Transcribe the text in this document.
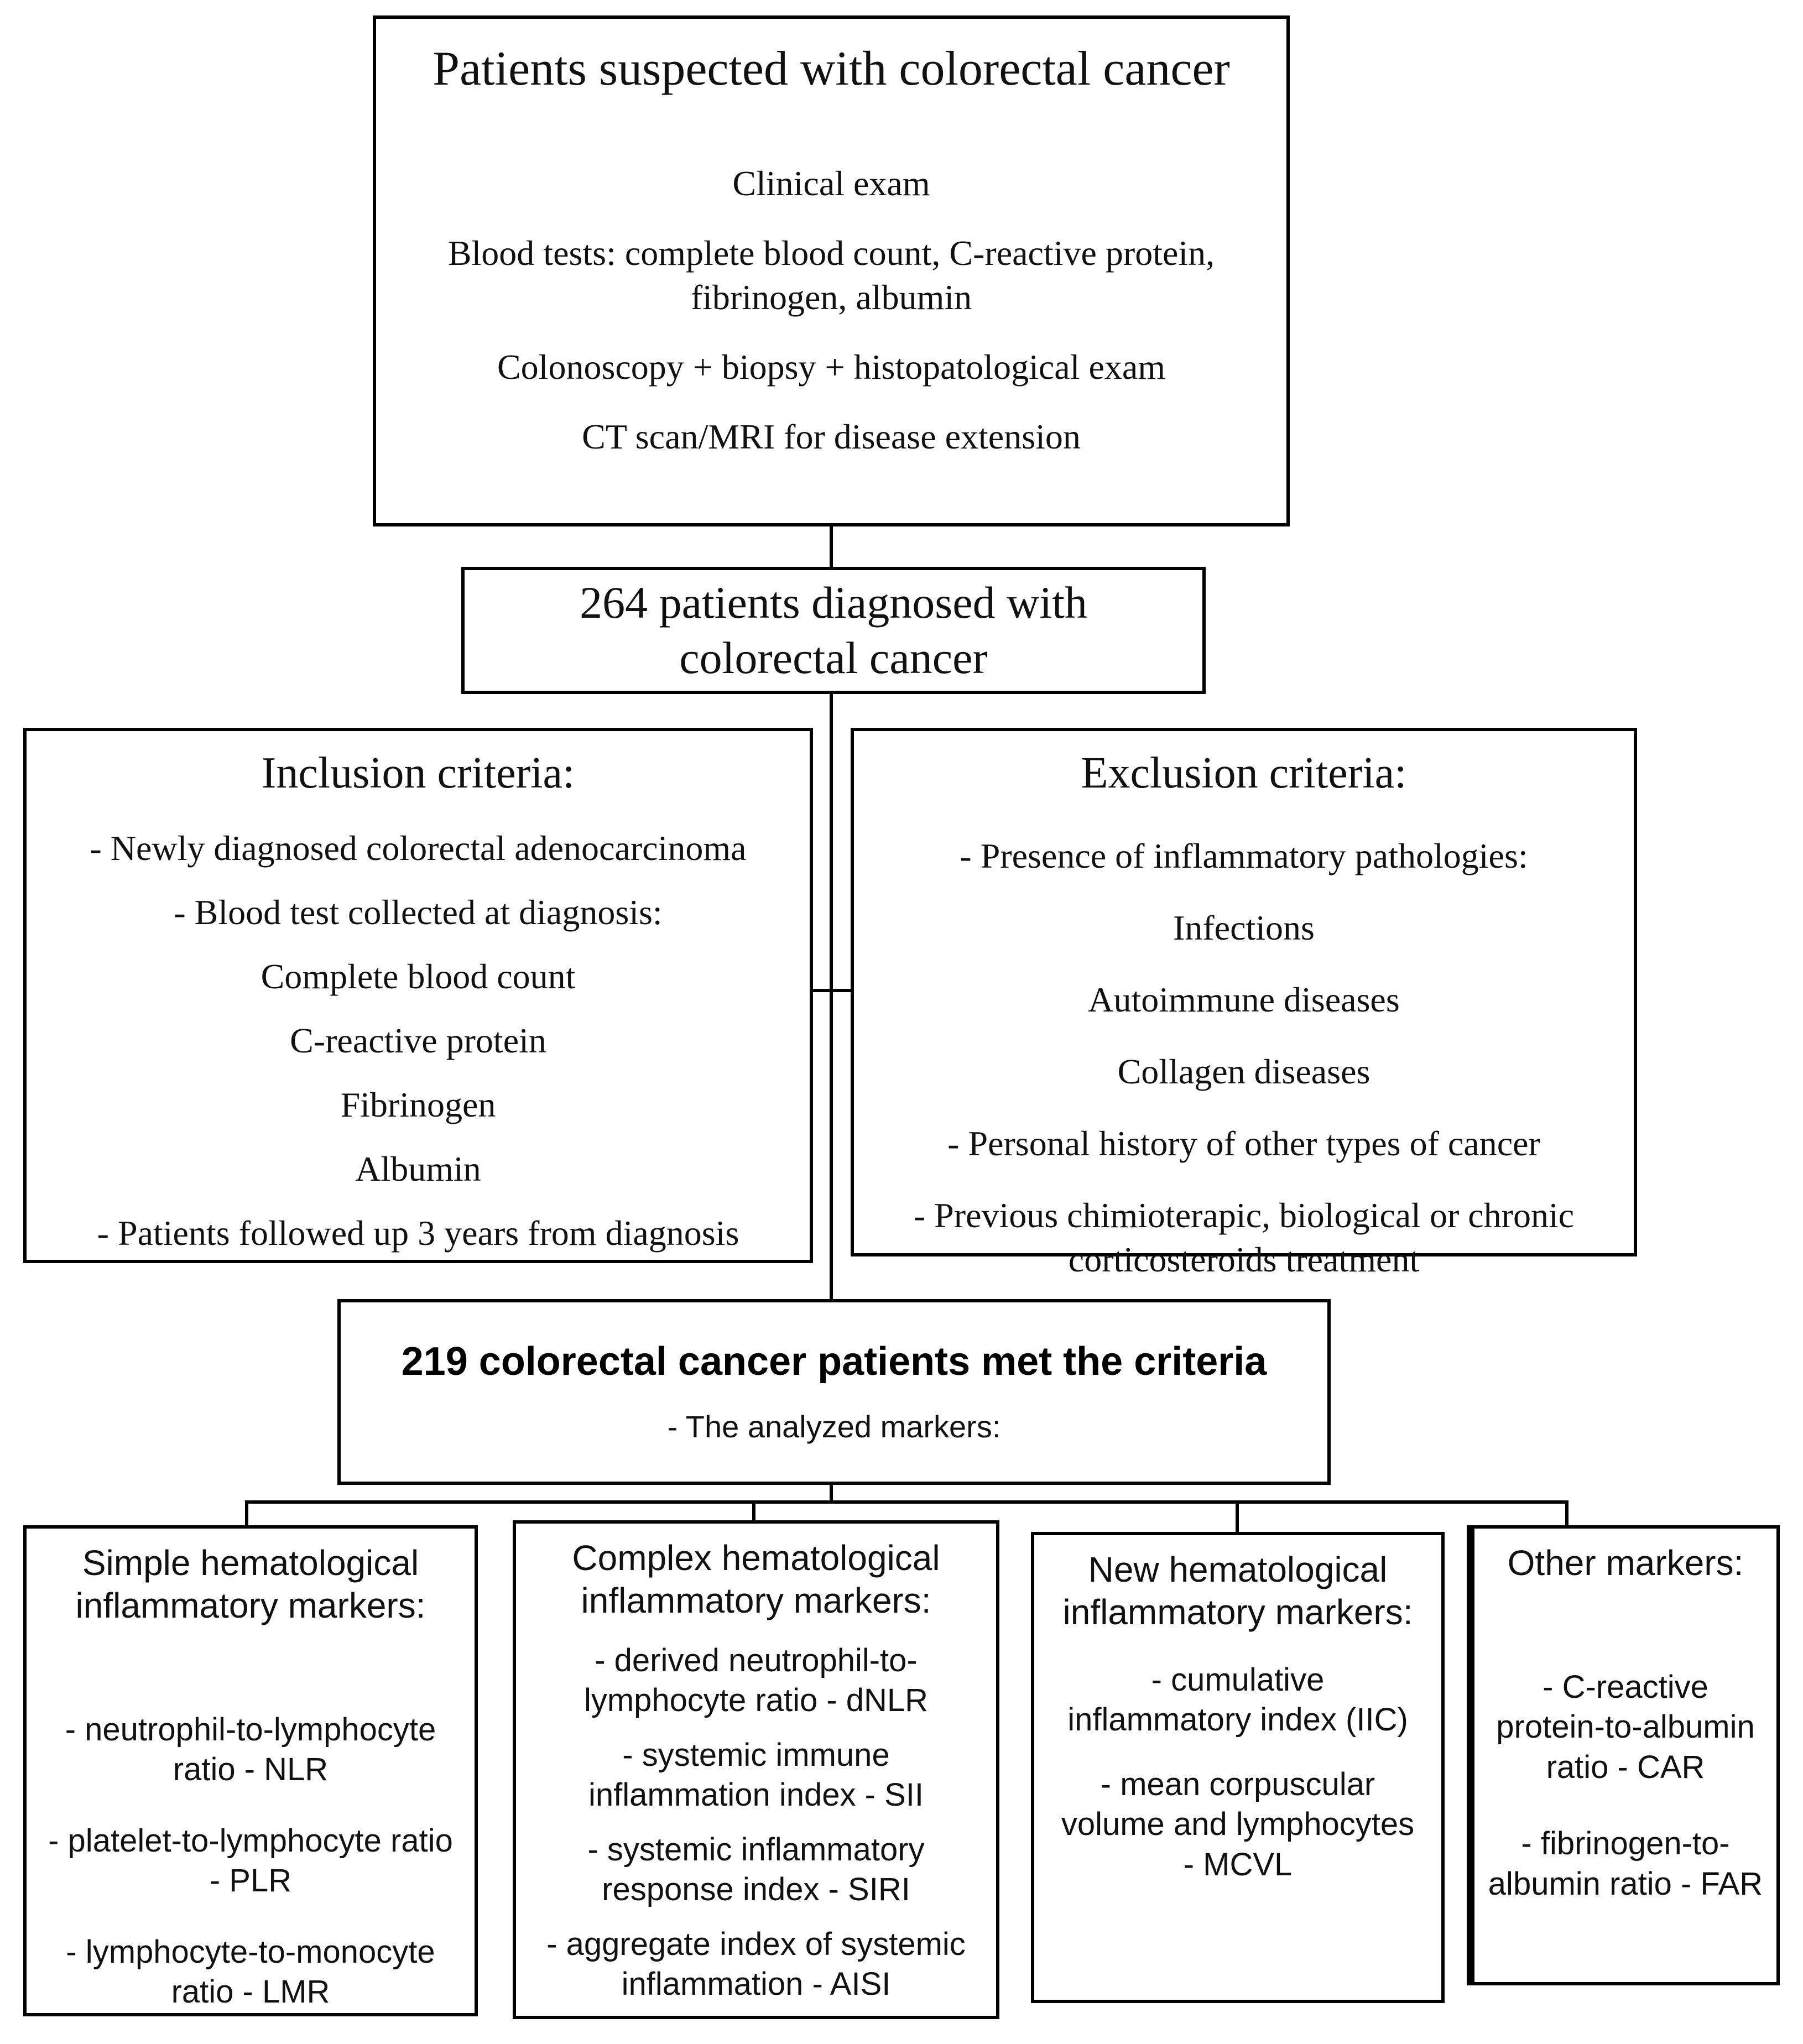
Patients suspected with colorectal cancer
Clinical exam
Blood tests: complete blood count, C-reactive protein, fibrinogen, albumin
Colonoscopy + biopsy + histopatological exam
CT scan/MRI for disease extension
264 patients diagnosed with colorectal cancer
Inclusion criteria:
- Newly diagnosed colorectal adenocarcinoma
- Blood test collected at diagnosis:
Complete blood count
C-reactive protein
Fibrinogen
Albumin
- Patients followed up 3 years from diagnosis
Exclusion criteria:
- Presence of inflammatory pathologies:
Infections
Autoimmune diseases
Collagen diseases
- Personal history of other types of cancer
- Previous chimioterapic, biological or chronic corticosteroids treatment
219 colorectal cancer patients met the criteria
- The analyzed markers:
Simple hematological inflammatory markers:
- neutrophil-to-lymphocyte ratio - NLR
- platelet-to-lymphocyte ratio - PLR
- lymphocyte-to-monocyte ratio - LMR
Complex hematological inflammatory markers:
- derived neutrophil-to-lymphocyte ratio - dNLR
- systemic immune inflammation index - SII
- systemic inflammatory response index - SIRI
- aggregate index of systemic inflammation - AISI
New hematological inflammatory markers:
- cumulative inflammatory index (IIC)
- mean corpuscular volume and lymphocytes - MCVL
Other markers:
- C-reactive protein-to-albumin ratio - CAR
- fibrinogen-to-albumin ratio - FAR
